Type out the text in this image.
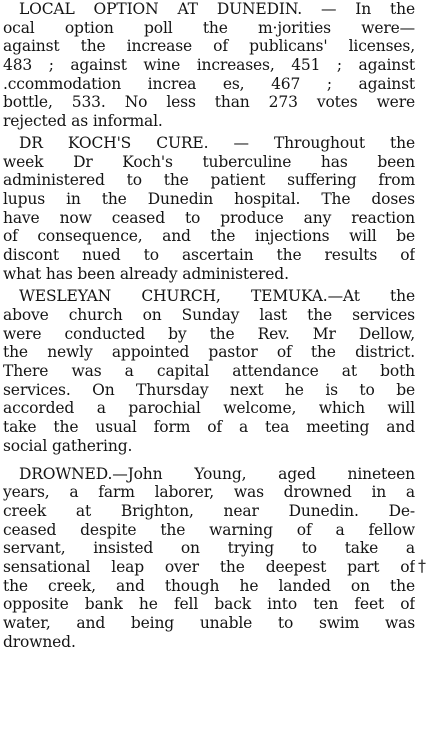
LOCAL OPTION AT DUNEDIN. — In the
ocal option poll the m·jorities were—
against the increase of publicans' licenses,
483 ; against wine increases, 451 ; against
.ccommodation increa es, 467 ; against
bottle, 533. No less than 273 votes were
rejected as informal.
DR KOCH'S CURE. — Throughout the
week Dr Koch's tuberculine has been
administered to the patient suffering from
lupus in the Dunedin hospital. The doses
have now ceased to produce any reaction
of consequence, and the injections will be
discont nued to ascertain the results of
what has been already administered.
WESLEYAN CHURCH, TEMUKA.—At the
above church on Sunday last the services
were conducted by the Rev. Mr Dellow,
the newly appointed pastor of the district.
There was a capital attendance at both
services. On Thursday next he is to be
accorded a parochial welcome, which will
take the usual form of a tea meeting and
social gathering.
DROWNED.—John Young, aged nineteen
years, a farm laborer, was drowned in a
creek at Brighton, near Dunedin. De-
ceased despite the warning of a fellow
servant, insisted on trying to take a
sensational leap over the deepest part of
the creek, and though he landed on the
opposite bank he fell back into ten feet of
water, and being unable to swim was
drowned.
†
